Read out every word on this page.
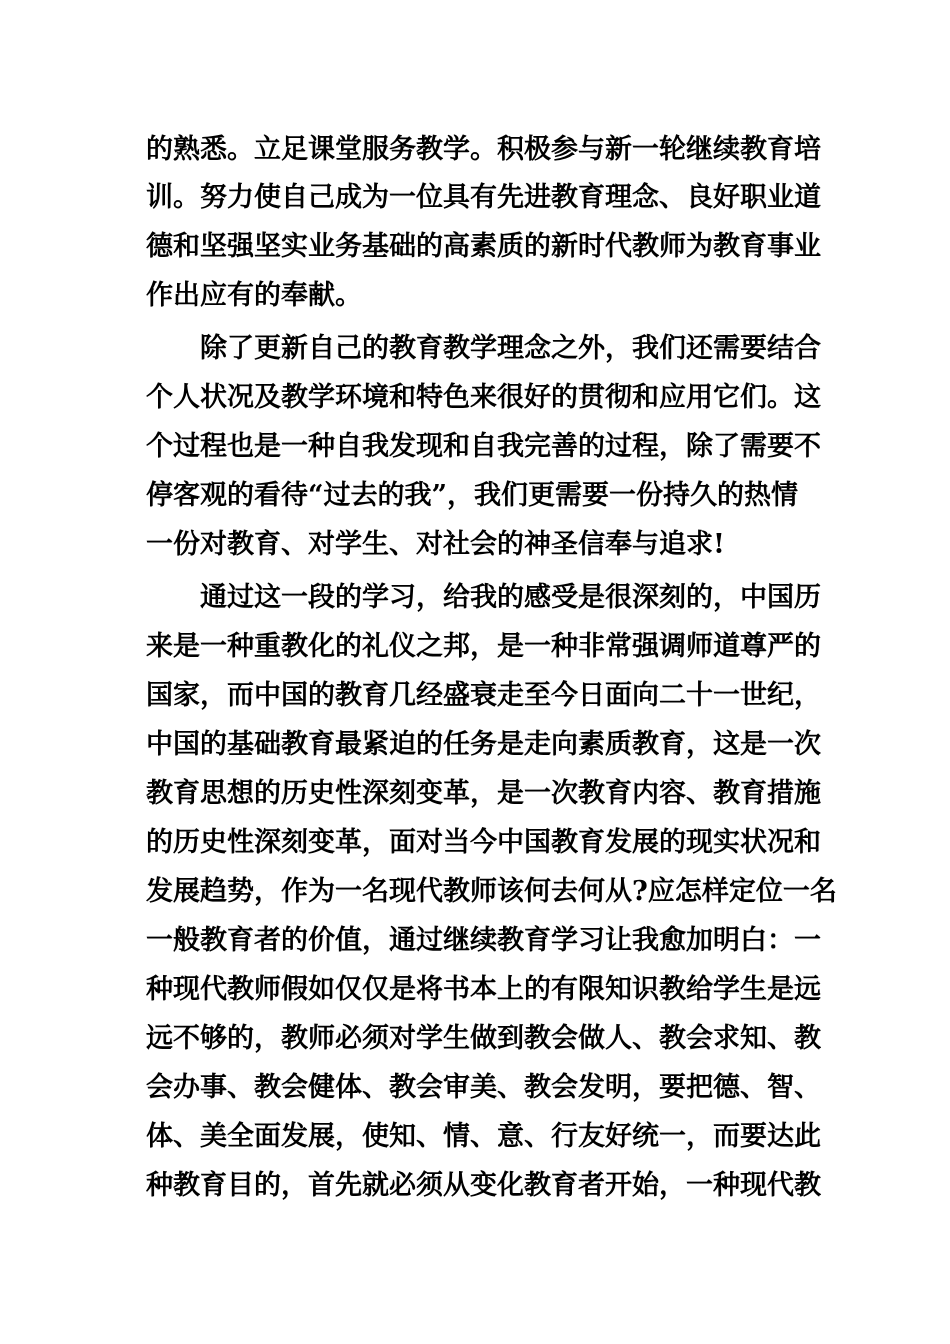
的熟悉。立足课堂服务教学。积极参与新一轮继续教育培
训。努力使自己成为一位具有先进教育理念、良好职业道
德和坚强坚实业务基础的高素质的新时代教师为教育事业
作出应有的奉献。
除了更新自己的教育教学理念之外，我们还需要结合
个人状况及教学环境和特色来很好的贯彻和应用它们。这
个过程也是一种自我发现和自我完善的过程，除了需要不
停客观的看待“过去的我”，我们更需要一份持久的热情
一份对教育、对学生、对社会的神圣信奉与追求!
通过这一段的学习，给我的感受是很深刻的，中国历
来是一种重教化的礼仪之邦，是一种非常强调师道尊严的
国家，而中国的教育几经盛衰走至今日面向二十一世纪，
中国的基础教育最紧迫的任务是走向素质教育，这是一次
教育思想的历史性深刻变革，是一次教育内容、教育措施
的历史性深刻变革，面对当今中国教育发展的现实状况和
发展趋势，作为一名现代教师该何去何从?应怎样定位一名
一般教育者的价值，通过继续教育学习让我愈加明白：一
种现代教师假如仅仅是将书本上的有限知识教给学生是远
远不够的，教师必须对学生做到教会做人、教会求知、教
会办事、教会健体、教会审美、教会发明，要把德、智、
体、美全面发展，使知、情、意、行友好统一，而要达此
种教育目的，首先就必须从变化教育者开始，一种现代教
